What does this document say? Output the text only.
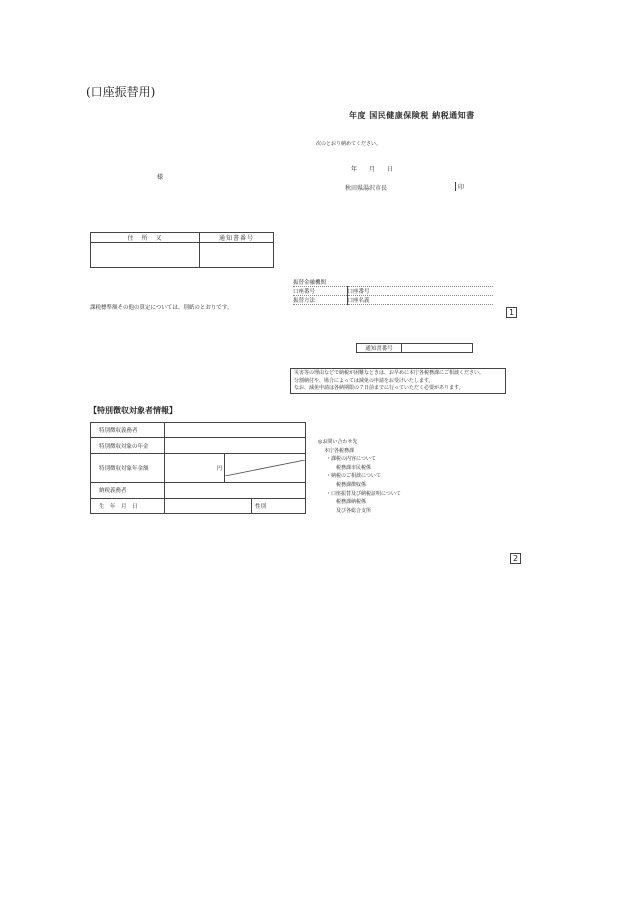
(口座振替用)
年度 国民健康保険税 納税通知書
次のとおり納めてください。
年　月　日
秋田県湯沢市長	印
様
住　所　又	通知書番号

課税標準額その他の算定については、別紙のとおりです。
振替金融機関		
口座番号	口座番号	
振替方法	口座名義	
1
通知書番号	
災害等の理由などで納税が困難なときは、お早めに本庁各税務課にご相談ください。
分割納付や、場合によっては減免の申請をお受けいたします。
なお、減免申請は各納期限の７日前までに行っていただく必要があります。
【特別徴収対象者情報】
特別徴収義務者			
特別徴収対象の年金			
特別徴収対象年金額	円	

納税義務者			
生　年　月　日			性別
◎お問い合わせ先
本庁各税務課
・課税の内容について
税務課市民税係
・納税のご相談について
税務課徴収係
・口座振替及び納税証明について
税務課納税係
及び各総合支所
2
